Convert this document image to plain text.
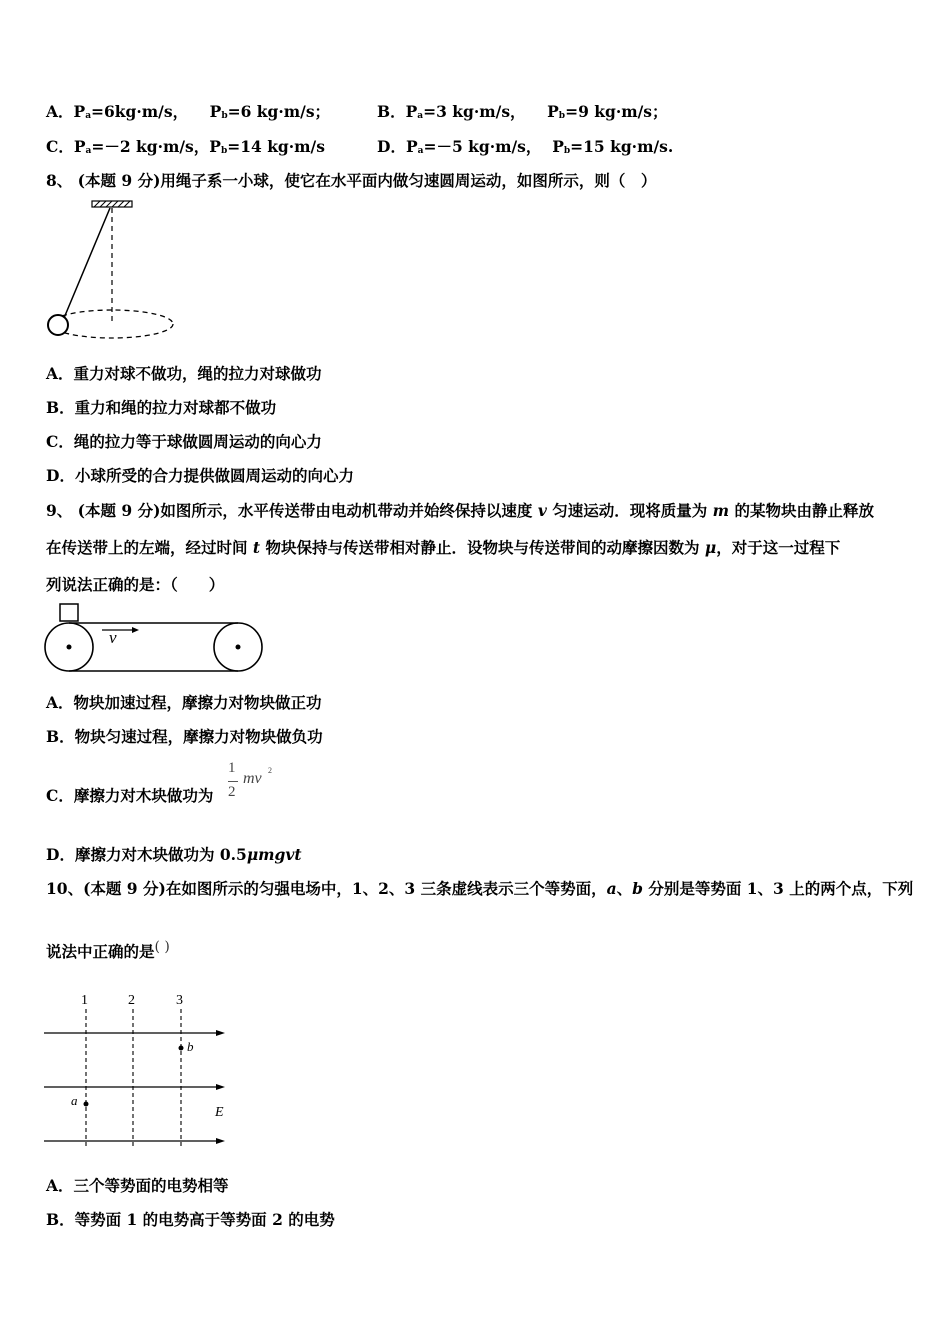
A．$P_a=6kg\cdot m/s$， $P_b=6$ kg·m/s；	B．$P_a=3$ kg·m/s， $P_b=9$ kg·m/s；
C．$P_a=-2$ kg·m/s，$P_b=14$ kg·m/s	D．$P_a=-5$ kg·m/s， $P_b=15$ kg·m/s.
8、 (本题 9 分)用绳子系一小球，使它在水平面内做匀速圆周运动，如图所示，则（　）
A．重力对球不做功，绳的拉力对球做功
B．重力和绳的拉力对球都不做功
C．绳的拉力等于球做圆周运动的向心力
D．小球所受的合力提供做圆周运动的向心力
9、 (本题 9 分)如图所示，水平传送带由电动机带动并始终保持以速度 v 匀速运动．现将质量为 m 的某物块由静止释放
在传送带上的左端，经过时间 t 物块保持与传送带相对静止．设物块与传送带间的动摩擦因数为 μ，对于这一过程下
列说法正确的是：（　　）
v
A．物块加速过程，摩擦力对物块做正功
B．物块匀速过程，摩擦力对物块做负功
C．摩擦力对木块做功为
1
2
mv 2
D．摩擦力对木块做功为 0.5μmgvt
10、(本题 9 分)在如图所示的匀强电场中，1、2、3 三条虚线表示三个等势面，a、b 分别是等势面 1、3 上的两个点，下列
说法中正确的是( )
1	2	3
b
a
E
A．三个等势面的电势相等
B．等势面 1 的电势高于等势面 2 的电势
